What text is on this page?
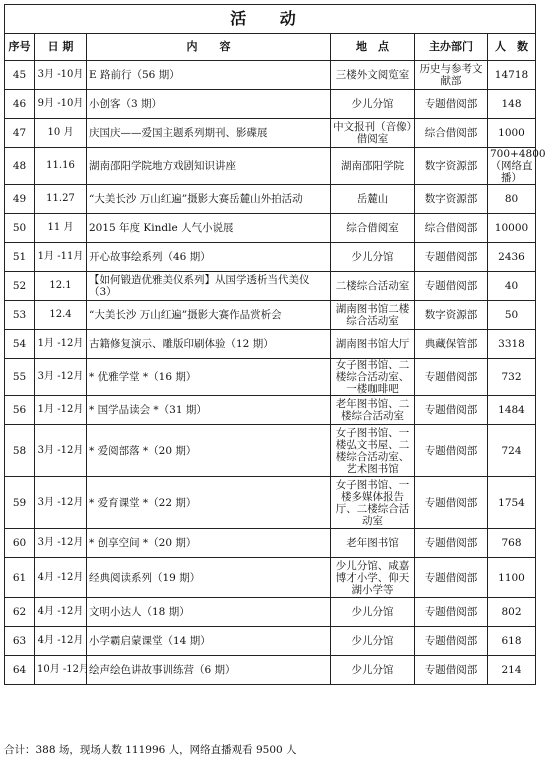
活 动					
序号	日 期	内　　容	地　点	主办部门	人　数
45	3月 -10月	E 路前行（56 期）	三楼外文阅览室	历史与参考文献部	14718
46	9月 -10月	小创客（3 期）	少儿分馆	专题借阅部	148
47	10 月	庆国庆——爱国主题系列期刊、影碟展	中文报刊（音像）借阅室	综合借阅部	1000
48	11.16	湖南邵阳学院地方戏剧知识讲座	湖南邵阳学院	数字资源部	700+4800（网络直播）
49	11.27	“大美长沙 万山红遍”摄影大赛岳麓山外拍活动	岳麓山	数字资源部	80
50	11 月	2015 年度 Kindle 人气小说展	综合借阅室	综合借阅部	10000
51	1月 -11月	开心故事绘系列（46 期）	少儿分馆	专题借阅部	2436
52	12.1	【如何锻造优雅美仪系列】从国学透析当代美仪（3）	二楼综合活动室	专题借阅部	40
53	12.4	“大美长沙 万山红遍”摄影大赛作品赏析会	湖南图书馆二楼综合活动室	数字资源部	50
54	1月 -12月	古籍修复演示、雕版印刷体验（12 期）	湖南图书馆大厅	典藏保管部	3318
55	3月 -12月	* 优雅学堂 *（16 期）	女子图书馆、二楼综合活动室、一楼咖啡吧	专题借阅部	732
56	1月 -12月	* 国学品读会 *（31 期）	老年图书馆、二楼综合活动室	专题借阅部	1484
58	3月 -12月	* 爱阅部落 *（20 期）	女子图书馆、一楼弘文书屋、二楼综合活动室、艺术图书馆	专题借阅部	724
59	3月 -12月	* 爱育课堂 *（22 期）	女子图书馆、一楼多媒体报告厅、二楼综合活动室	专题借阅部	1754
60	3月 -12月	* 创享空间 *（20 期）	老年图书馆	专题借阅部	768
61	4月 -12月	经典阅读系列（19 期）	少儿分馆、咸嘉博才小学、仰天湖小学等	专题借阅部	1100
62	4月 -12月	文明小达人（18 期）	少儿分馆	专题借阅部	802
63	4月 -12月	小学霸启蒙课堂（14 期）	少儿分馆	专题借阅部	618
64	10月 -12月	绘声绘色讲故事训练营（6 期）	少儿分馆	专题借阅部	214
合计：388 场，现场人数 111996 人，网络直播观看 9500 人
